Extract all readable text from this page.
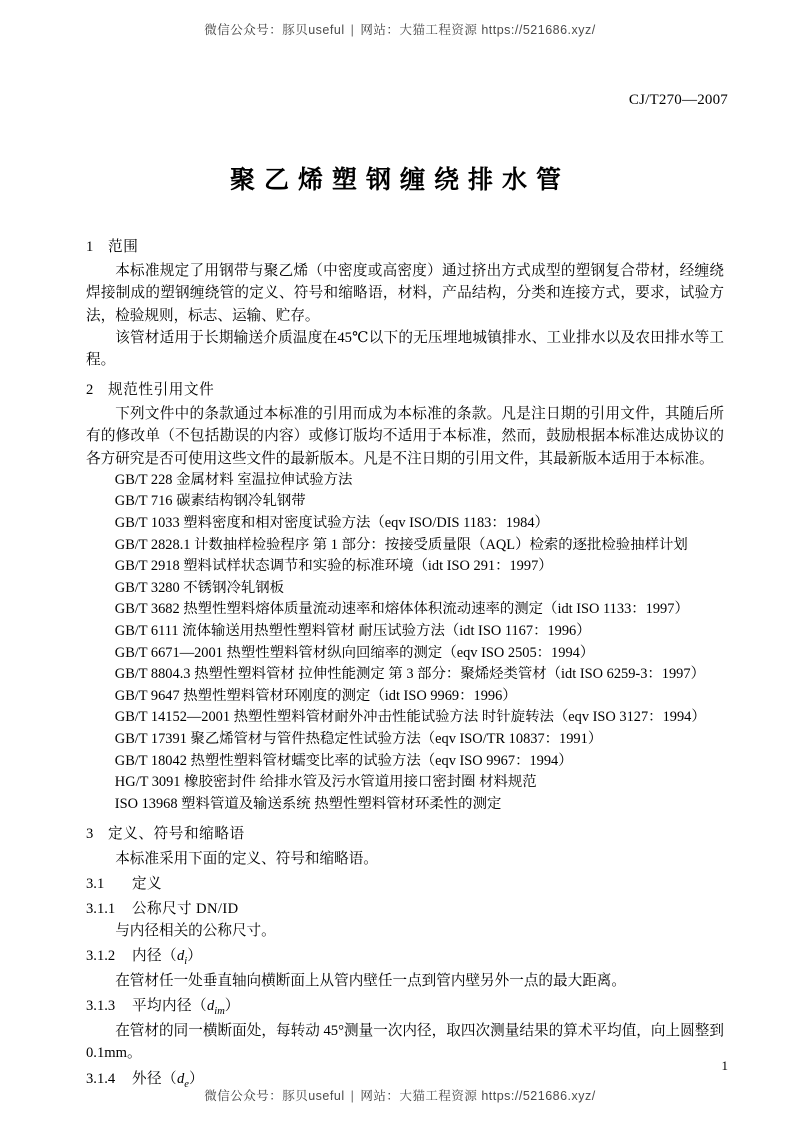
微信公众号：豚贝useful | 网站：大猫工程资源 https://521686.xyz/
CJ/T270—2007
聚乙烯塑钢缠绕排水管
1 范围

本标准规定了用钢带与聚乙烯（中密度或高密度）通过挤出方式成型的塑钢复合带材，经缠绕焊接制成的塑钢缠绕管的定义、符号和缩略语，材料，产品结构，分类和连接方式，要求，试验方法，检验规则，标志、运输、贮存。

该管材适用于长期输送介质温度在45℃以下的无压埋地城镇排水、工业排水以及农田排水等工程。

2 规范性引用文件

下列文件中的条款通过本标准的引用而成为本标准的条款。凡是注日期的引用文件，其随后所有的修改单（不包括勘误的内容）或修订版均不适用于本标准，然而，鼓励根据本标准达成协议的各方研究是否可使用这些文件的最新版本。凡是不注日期的引用文件，其最新版本适用于本标准。

GB/T 228 金属材料 室温拉伸试验方法
GB/T 716 碳素结构钢冷轧钢带
GB/T 1033 塑料密度和相对密度试验方法（eqv ISO/DIS 1183：1984）
GB/T 2828.1 计数抽样检验程序 第 1 部分：按接受质量限（AQL）检索的逐批检验抽样计划
GB/T 2918 塑料试样状态调节和实验的标准环境（idt ISO 291：1997）
GB/T 3280 不锈钢冷轧钢板
GB/T 3682 热塑性塑料熔体质量流动速率和熔体体积流动速率的测定（idt ISO 1133：1997）
GB/T 6111 流体输送用热塑性塑料管材 耐压试验方法（idt ISO 1167：1996）
GB/T 6671—2001 热塑性塑料管材纵向回缩率的测定（eqv ISO 2505：1994）
GB/T 8804.3 热塑性塑料管材 拉伸性能测定 第 3 部分：聚烯烃类管材（idt ISO 6259-3：1997）
GB/T 9647 热塑性塑料管材环刚度的测定（idt ISO 9969：1996）
GB/T 14152—2001 热塑性塑料管材耐外冲击性能试验方法 时针旋转法（eqv ISO 3127：1994）
GB/T 17391 聚乙烯管材与管件热稳定性试验方法（eqv ISO/TR 10837：1991）
GB/T 18042 热塑性塑料管材蠕变比率的试验方法（eqv ISO 9967：1994）
HG/T 3091 橡胶密封件 给排水管及污水管道用接口密封圈 材料规范
ISO 13968 塑料管道及输送系统 热塑性塑料管材环柔性的测定
3 定义、符号和缩略语

本标准采用下面的定义、符号和缩略语。

3.1 定义
3.1.1 公称尺寸 DN/ID

与内径相关的公称尺寸。

3.1.2 内径$(d_i)$

在管材任一处垂直轴向横断面上从管内壁任一点到管内壁另外一点的最大距离。

3.1.3 平均内径$(d_{im})$

在管材的同一横断面处，每转动 45°测量一次内径，取四次测量结果的算术平均值，向上圆整到0.1mm。

3.1.4 外径$(d_e)$
1
微信公众号：豚贝useful | 网站：大猫工程资源 https://521686.xyz/
